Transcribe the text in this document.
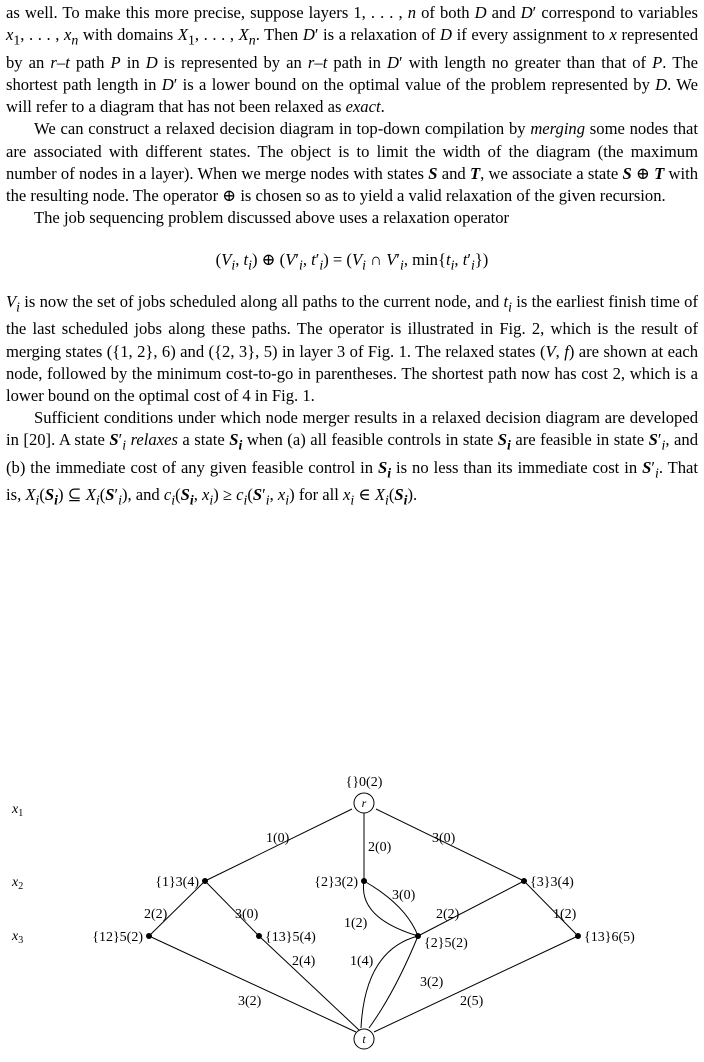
as well. To make this more precise, suppose layers 1, . . . , n of both D and D′ correspond to variables $x_1$, . . . , $x_n$ with domains $X_1$, . . . , $X_n$. Then D′ is a relaxation of D if every assignment to x represented by an r–t path P in D is represented by an r–t path in D′ with length no greater than that of P. The shortest path length in D′ is a lower bound on the optimal value of the problem represented by D. We will refer to a diagram that has not been relaxed as exact.

We can construct a relaxed decision diagram in top-down compilation by merging some nodes that are associated with different states. The object is to limit the width of the diagram (the maximum number of nodes in a layer). When we merge nodes with states S and T, we associate a state S ⊕ T with the resulting node. The operator ⊕ is chosen so as to yield a valid relaxation of the given recursion.

The job sequencing problem discussed above uses a relaxation operator

($V_i$, $t_i$) ⊕ ($V'_i$, $t'_i) = (V_i$ ∩ $V'_i$, $\min\{t_i$, $t'_i$})

$V_i$ is now the set of jobs scheduled along all paths to the current node, and $t_i$ is the earliest finish time of the last scheduled jobs along these paths. The operator is illustrated in Fig. 2, which is the result of merging states ({1, 2}, 6) and ({2, 3}, 5) in layer 3 of Fig. 1. The relaxed states (V, f) are shown at each node, followed by the minimum cost-to-go in parentheses. The shortest path now has cost 2, which is a lower bound on the optimal cost of 4 in Fig. 1.

Sufficient conditions under which node merger results in a relaxed decision diagram are developed in [20]. A state $S'_i$ relaxes a state $S_i$ when (a) all feasible controls in state $S_i$ are feasible in state $S'_i$, and (b) the immediate cost of any given feasible control in $S_i$ is no less than its immediate cost in $S'_i$. That is, $X_i(S_i)$ ⊆ $X_i(S'_i)$, and $c_i(S_i$, $x_i) \ge c_i(S'_i$, $x_i$) for all $x_i$ ∈ $X_i(S_i)$.

$x_1$
$x_2$
$x_3$
r
{}0(2)
{1}3(4)	{2}3(2)	{3}3(4)
{12}5(2)	{13}5(4)	{2}5(2)	{13}6(5)
t
1(0)
2(0)
3(0)
2(2)	3(0)
3(0)
1(2)
2(2)	1(2)
3(2)
2(4) 1(4)
3(2)
2(5)
